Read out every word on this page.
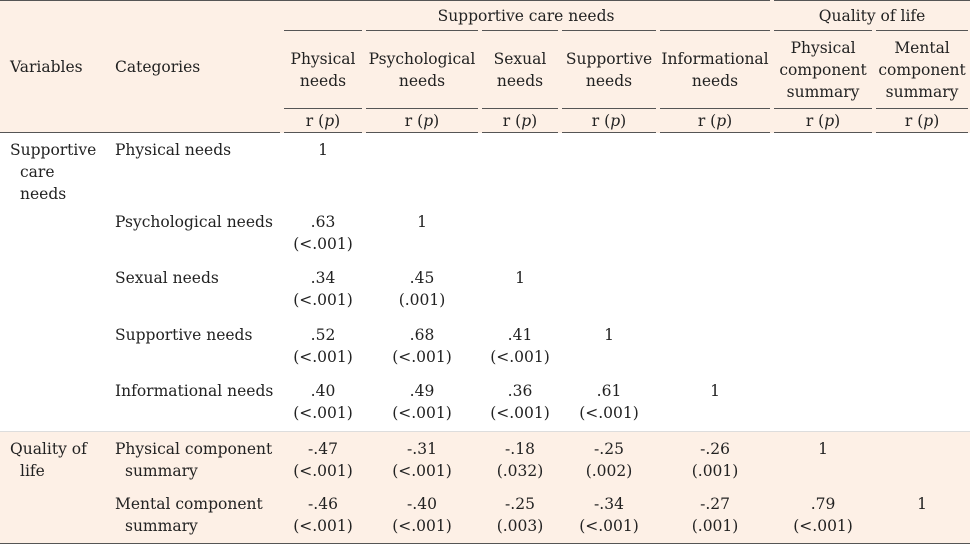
Variables	Categories	Supportive care needs					Quality of life	

		Physical
needs	Psychological
needs	Sexual
needs	Supportive
needs	Informational
needs	Physical
component
summary	Mental
component
summary

		r (p)	r (p)	r (p)	r (p)	r (p)	r (p)	r (p)

Supportive
care needs	Physical needs	1						

	Psychological needs	.63
(<.001)	1					

	Sexual needs	.34
(<.001)	.45
(.001)	1				

	Supportive needs	.52
(<.001)	.68
(<.001)	.41
(<.001)	1			

	Informational needs	.40
(<.001)	.49
(<.001)	.36
(<.001)	.61
(<.001)	1		

Quality of
life	Physical component
summary	-.47
(<.001)	-.31
(<.001)	-.18
(.032)	-.25
(.002)	-.26
(.001)	1	

	Mental component
summary	-.46
(<.001)	-.40
(<.001)	-.25
(.003)	-.34
(<.001)	-.27
(.001)	.79
(<.001)	1
